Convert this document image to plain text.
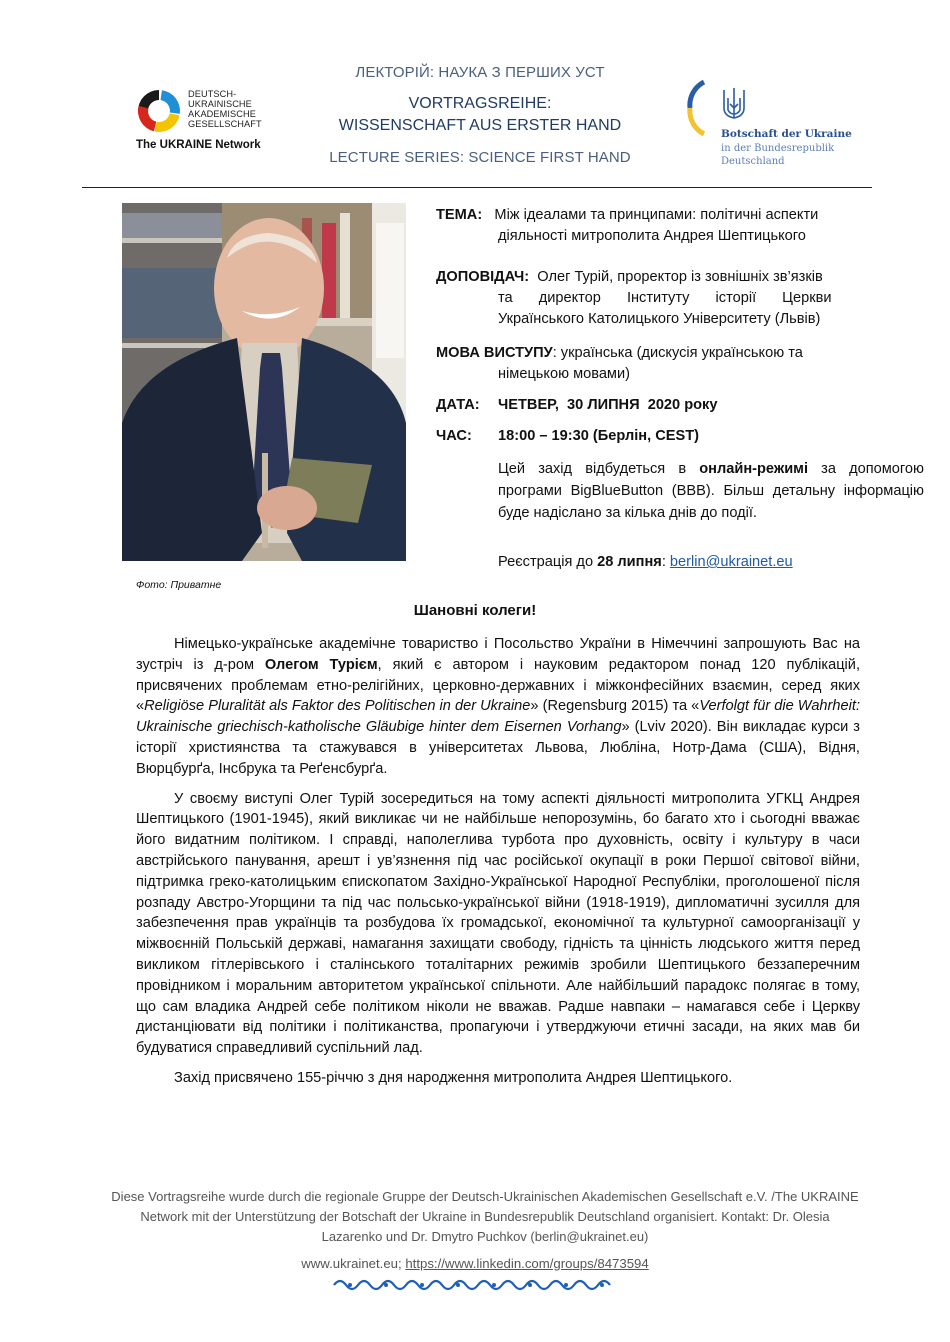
DEUTSCH-
UKRAINISCHE
AKADEMISCHE
GESELLSCHAFT
The UKRAINE Network
ЛЕКТОРІЙ: НАУКА З ПЕРШИХ УСТ
VORTRAGSREIHE:
WISSENSCHAFT AUS ERSTER HAND
LECTURE SERIES: SCIENCE FIRST HAND
Botschaft der Ukraine
in der Bundesrepublik
Deutschland
Фото: Приватне
ТЕМА: Між ідеалами та принципами: політичні аспекти
діяльності митрополита Андрея Шептицького
ДОПОВІДАЧ: Олег Турій, проректор із зовнішніх зв’язків
та директор Інституту історії Церкви
Українського Католицького Університету (Львів)
МОВА ВИСТУПУ: українська (дискусія українською та
німецькою мовами)
ДАТА: ЧЕТВЕР,  30 ЛИПНЯ  2020 року
ЧАС: 18:00 – 19:30 (Берлін, CEST)
Цей захід відбудеться в онлайн-режимі за допомогою програми BigBlueButton (BBB). Більш детальну інформацію буде надіслано за кілька днів до події.
Реєстрація до 28 липня: berlin@ukrainet.eu
Шановні колеги!

Німецько-українське академічне товариство і Посольство України в Німеччині запрошують Вас на зустріч із д-ром Олегом Турієм, який є автором і науковим редактором понад 120 публікацій, присвячених проблемам етно-релігійних, церковно-державних і міжконфесійних взаємин, серед яких «Religiöse Pluralität als Faktor des Politischen in der Ukraine» (Regensburg 2015) та «Verfolgt für die Wahrheit: Ukrainische griechisch-katholische Gläubige hinter dem Eisernen Vorhang» (Lviv 2020). Він викладає курси з історії християнства та стажувався в університетах Львова, Любліна, Нотр-Дама (США), Відня, Вюрцбурґа, Інсбрука та Реґенсбурґа.

У своєму виступі Олег Турій зосередиться на тому аспекті діяльності митрополита УГКЦ Андрея Шептицького (1901-1945), який викликає чи не найбільше непорозумінь, бо багато хто і сьогодні вважає його видатним політиком. І справді, наполеглива турбота про духовність, освіту і культуру в часи австрійського панування, арешт і ув’язнення під час російської окупації в роки Першої світової війни, підтримка греко-католицьким єпископатом Західно-Української Народної Республіки, проголошеної після розпаду Австро-Угорщини та під час польсько-української війни (1918-1919), дипломатичні зусилля для забезпечення прав українців та розбудова їх громадської, економічної та культурної самоорганізації у міжвоєнній Польській державі, намагання захищати свободу, гідність та цінність людського життя перед викликом гітлерівського і сталінського тоталітарних режимів зробили Шептицького беззаперечним провідником і моральним авторитетом української спільноти. Але найбільший парадокс полягає в тому, що сам владика Андрей себе політиком ніколи не вважав. Радше навпаки – намагався себе і Церкву дистанціювати від політики і політиканства, пропагуючи і утверджуючи етичні засади, на яких мав би будуватися справедливий суспільний лад.

Захід присвячено 155-річчю з дня народження митрополита Андрея Шептицького.

Diese Vortragsreihe wurde durch die regionale Gruppe der Deutsch-Ukrainischen Akademischen Gesellschaft e.V. /The UKRAINE Network mit der Unterstützung der Botschaft der Ukraine in Bundesrepublik Deutschland organisiert. Kontakt: Dr. Olesia Lazarenko und Dr. Dmytro Puchkov (berlin@ukrainet.eu)
www.ukrainet.eu; https://www.linkedin.com/groups/8473594
